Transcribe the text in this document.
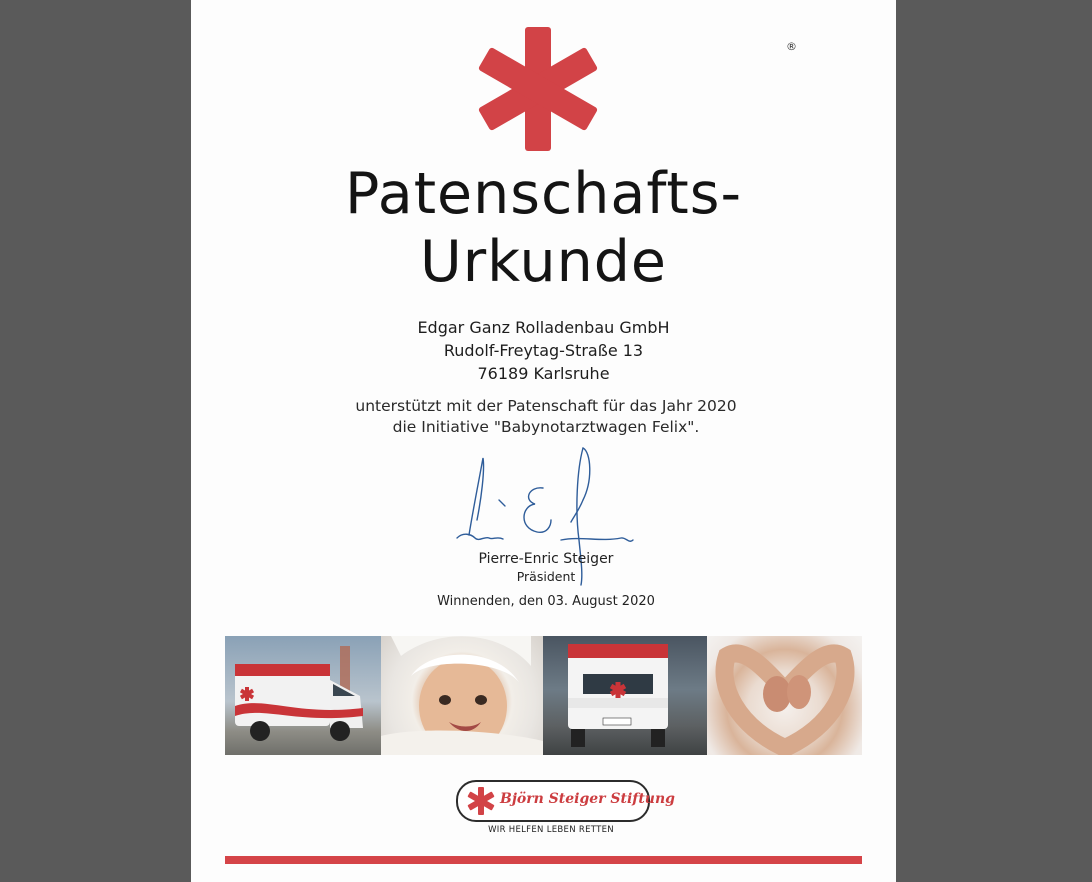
®
Patenschafts-
Urkunde
Edgar Ganz Rolladenbau GmbH
Rudolf-Freytag-Straße 13
76189 Karlsruhe
unterstützt mit der Patenschaft für das Jahr 2020
die Initiative "Babynotarztwagen Felix".
Pierre-Enric Steiger
Präsident
Winnenden, den 03. August 2020
Björn Steiger Stiftung
WIR HELFEN LEBEN RETTEN
